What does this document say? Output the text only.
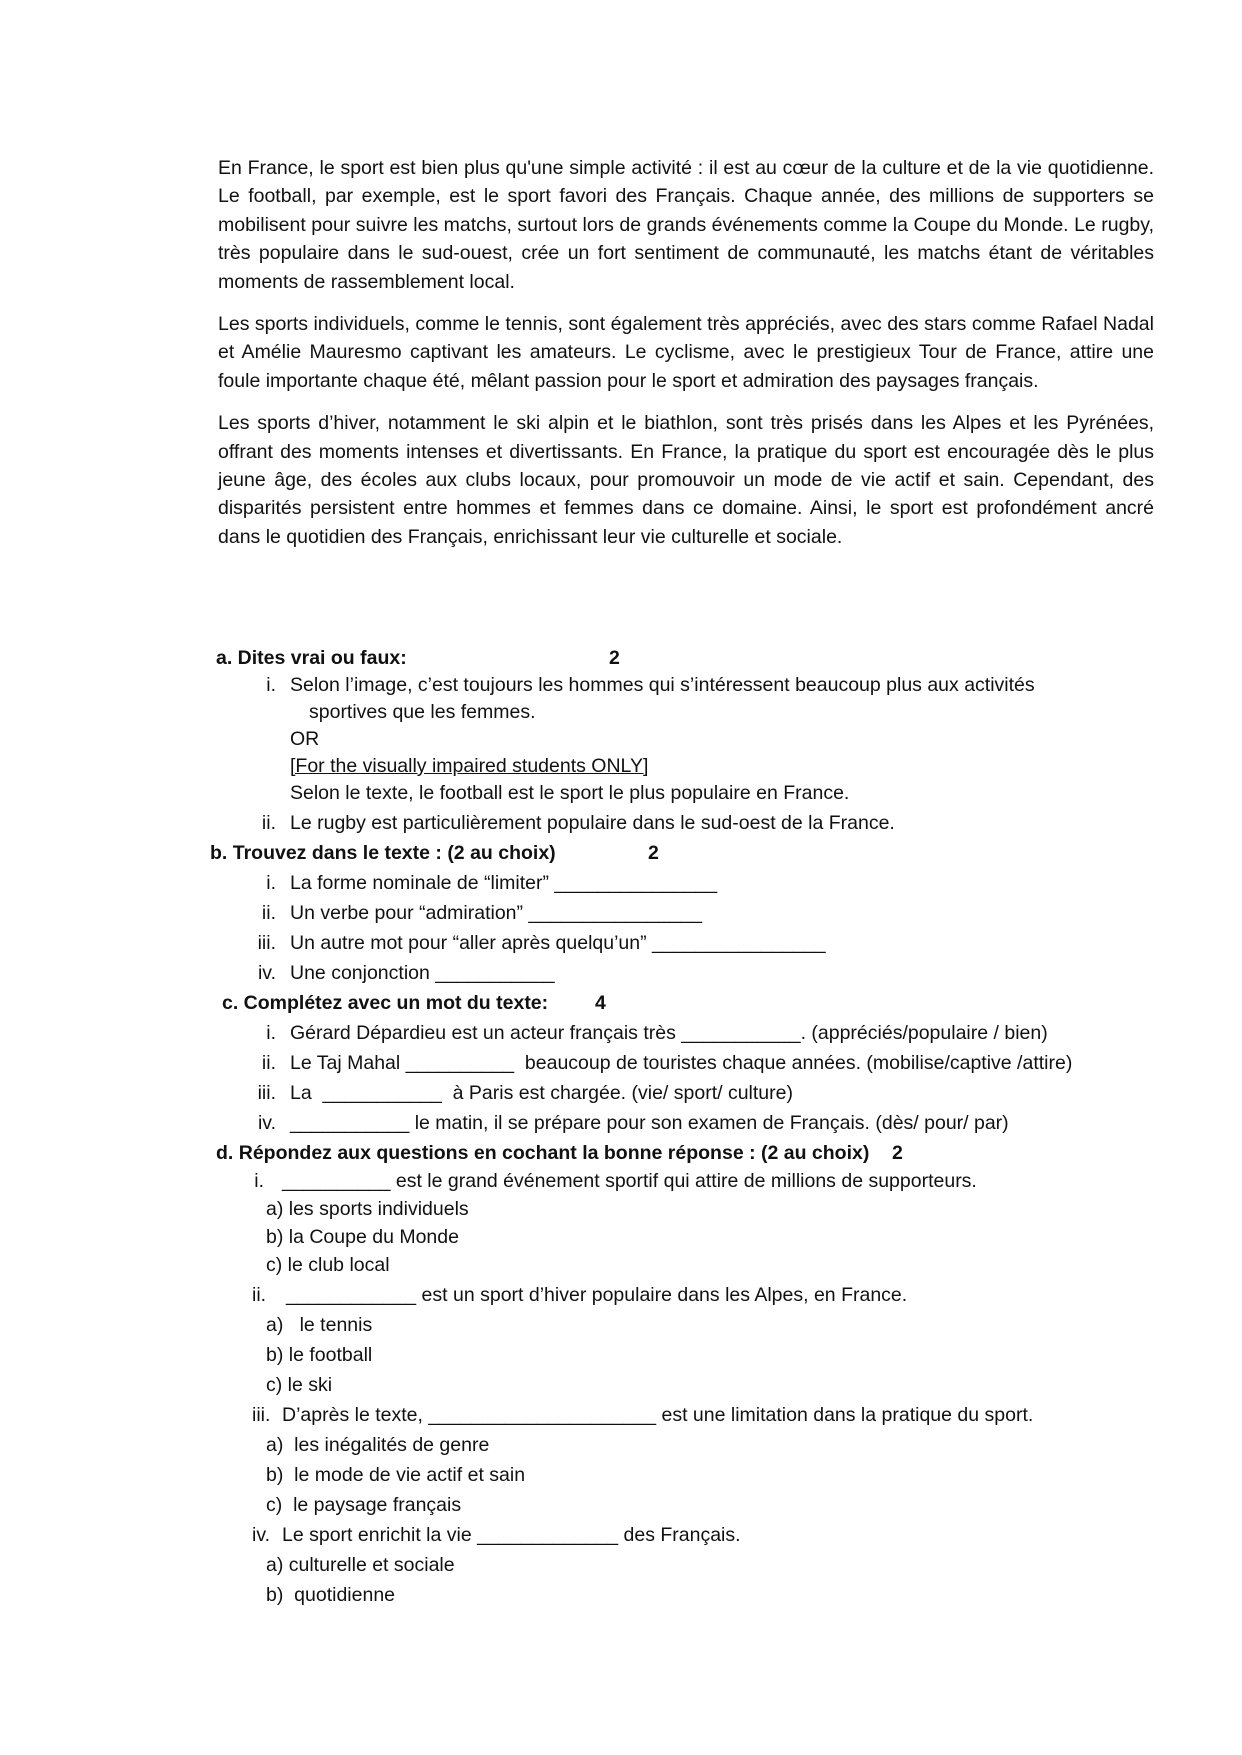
En France, le sport est bien plus qu'une simple activité : il est au cœur de la culture et de la vie quotidienne. Le football, par exemple, est le sport favori des Français. Chaque année, des millions de supporters se mobilisent pour suivre les matchs, surtout lors de grands événements comme la Coupe du Monde. Le rugby, très populaire dans le sud-ouest, crée un fort sentiment de communauté, les matchs étant de véritables moments de rassemblement local.

Les sports individuels, comme le tennis, sont également très appréciés, avec des stars comme Rafael Nadal et Amélie Mauresmo captivant les amateurs. Le cyclisme, avec le prestigieux Tour de France, attire une foule importante chaque été, mêlant passion pour le sport et admiration des paysages français.

Les sports d’hiver, notamment le ski alpin et le biathlon, sont très prisés dans les Alpes et les Pyrénées, offrant des moments intenses et divertissants. En France, la pratique du sport est encouragée dès le plus jeune âge, des écoles aux clubs locaux, pour promouvoir un mode de vie actif et sain. Cependant, des disparités persistent entre hommes et femmes dans ce domaine. Ainsi, le sport est profondément ancré dans le quotidien des Français, enrichissant leur vie culturelle et sociale.

a. Dites vrai ou faux:	2
i. Selon l’image, c’est toujours les hommes qui s’intéressent beaucoup plus aux activités
sportives que les femmes.
OR
[For the visually impaired students ONLY]
Selon le texte, le football est le sport le plus populaire en France.
ii. Le rugby est particulièrement populaire dans le sud-oest de la France.
b. Trouvez dans le texte : (2 au choix)	2
i. La forme nominale de “limiter” _______________
ii. Un verbe pour “admiration” ________________
iii. Un autre mot pour “aller après quelqu’un” ________________
iv. Une conjonction ___________
c. Complétez avec un mot du texte: 4
i. Gérard Dépardieu est un acteur français très ___________. (appréciés/populaire / bien)
ii. Le Taj Mahal __________  beaucoup de touristes chaque années. (mobilise/captive /attire)
iii. La  ___________  à Paris est chargée. (vie/ sport/ culture)
iv. ___________ le matin, il se prépare pour son examen de Français. (dès/ pour/ par)
d. Répondez aux questions en cochant la bonne réponse : (2 au choix) 2
i. __________ est le grand événement sportif qui attire de millions de supporteurs.
a) les sports individuels
b) la Coupe du Monde
c) le club local
ii. ____________ est un sport d’hiver populaire dans les Alpes, en France.
a)   le tennis
b) le football
c) le ski
iii. D’après le texte, _____________________ est une limitation dans la pratique du sport.
a)  les inégalités de genre
b)  le mode de vie actif et sain
c)  le paysage français
iv. Le sport enrichit la vie _____________ des Français.
a) culturelle et sociale
b)  quotidienne
